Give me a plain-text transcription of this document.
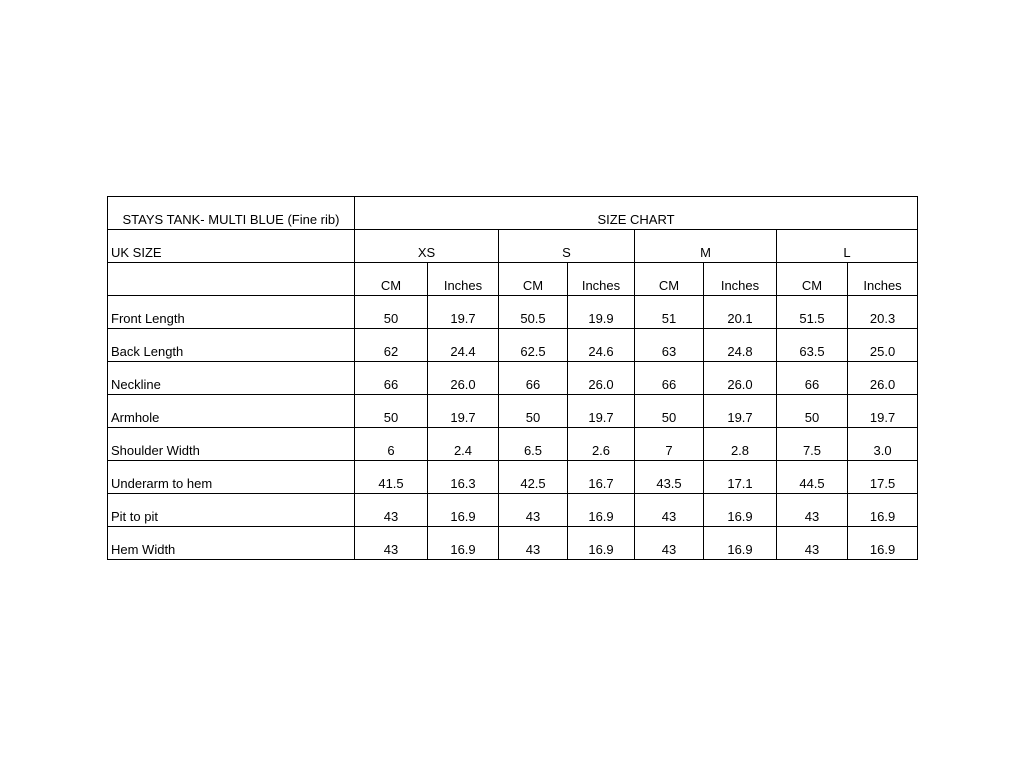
STAYS TANK- MULTI BLUE (Fine rib)	SIZE CHART							
UK SIZE	XS		S		M		L	
	CM	Inches	CM	Inches	CM	Inches	CM	Inches
Front Length	50	19.7	50.5	19.9	51	20.1	51.5	20.3
Back Length	62	24.4	62.5	24.6	63	24.8	63.5	25.0
Neckline	66	26.0	66	26.0	66	26.0	66	26.0
Armhole	50	19.7	50	19.7	50	19.7	50	19.7
Shoulder Width	6	2.4	6.5	2.6	7	2.8	7.5	3.0
Underarm to hem	41.5	16.3	42.5	16.7	43.5	17.1	44.5	17.5
Pit to pit	43	16.9	43	16.9	43	16.9	43	16.9
Hem Width	43	16.9	43	16.9	43	16.9	43	16.9
